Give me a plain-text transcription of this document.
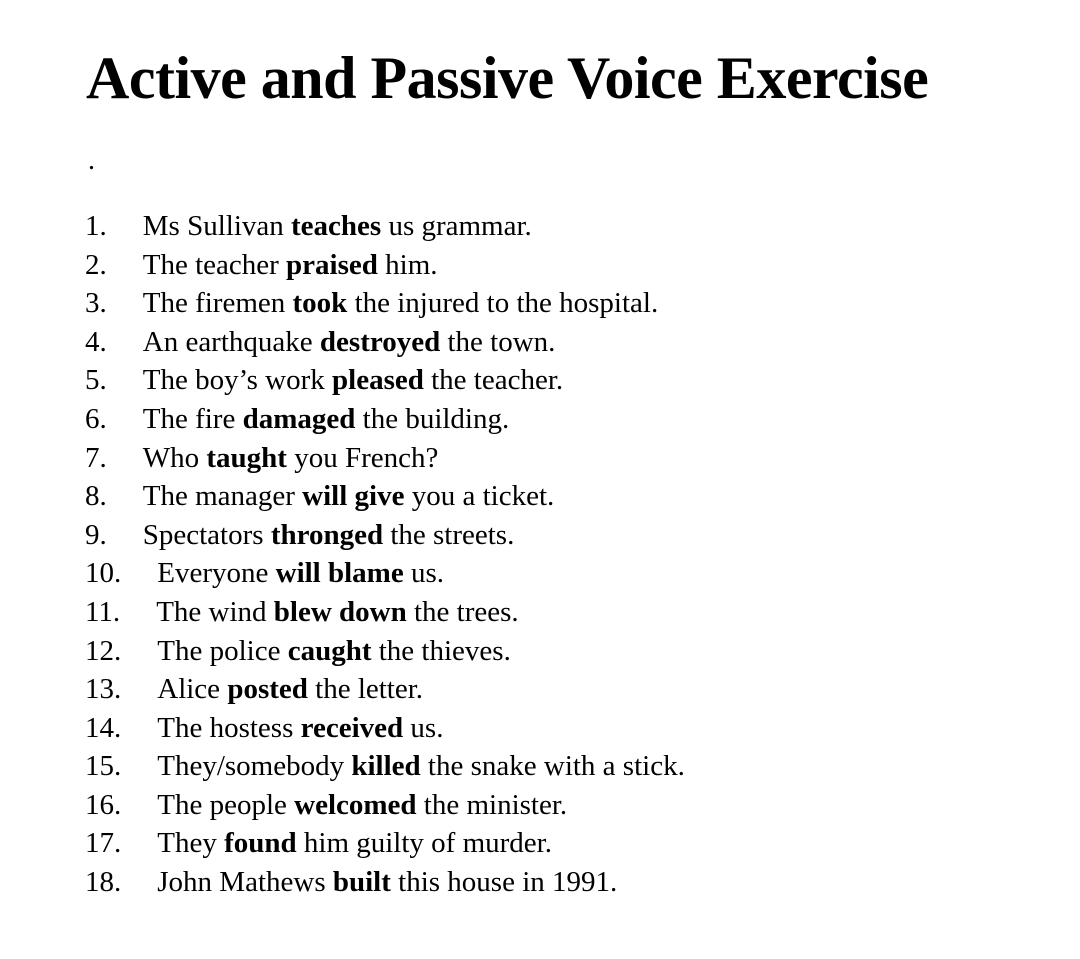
Active and Passive Voice Exercise

.

1. Ms Sullivan teaches us grammar.
2. The teacher praised him.
3. The firemen took the injured to the hospital.
4. An earthquake destroyed the town.
5. The boy’s work pleased the teacher.
6. The fire damaged the building.
7. Who taught you French?
8. The manager will give you a ticket.
9. Spectators thronged the streets.
10. Everyone will blame us.
11. The wind blew down the trees.
12. The police caught the thieves.
13. Alice posted the letter.
14. The hostess received us.
15. They/somebody killed the snake with a stick.
16. The people welcomed the minister.
17. They found him guilty of murder.
18. John Mathews built this house in 1991.
